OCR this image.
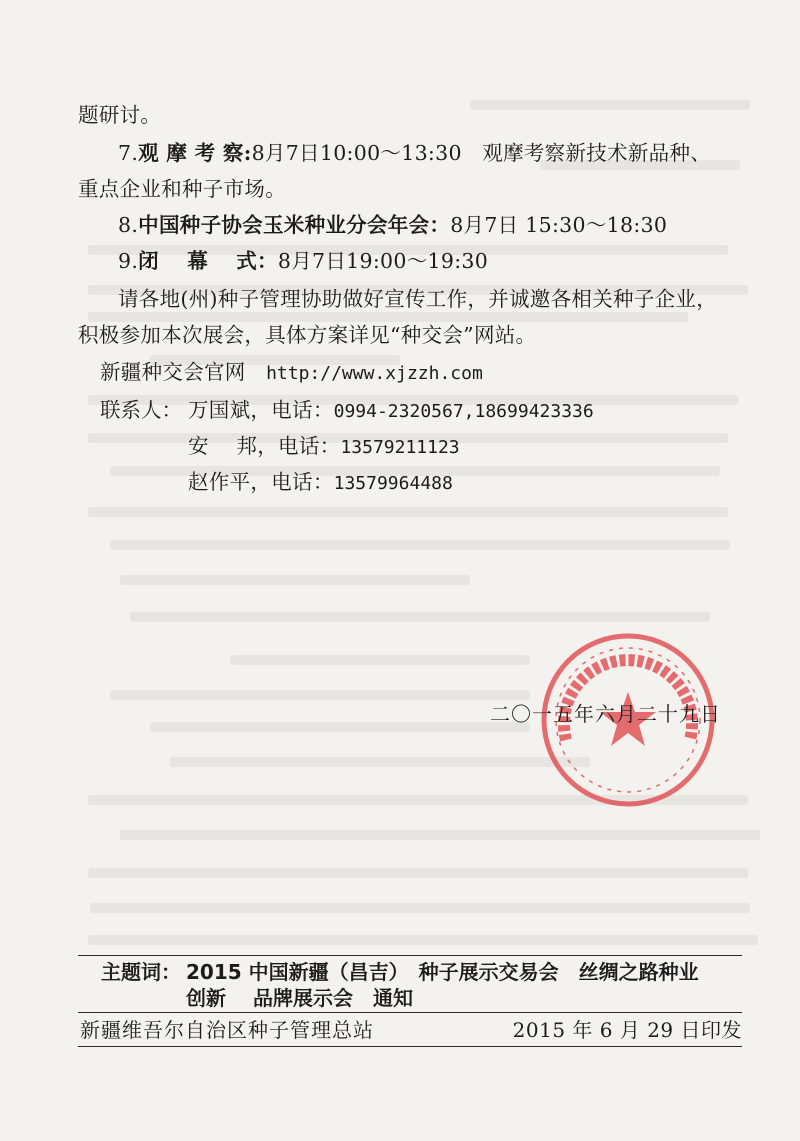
题研讨。
7.观 摩 考 察:8月7日10:00～13:30 观摩考察新技术新品种、
重点企业和种子市场。
8.中国种子协会玉米种业分会年会：8月7日 15:30～18:30
9.闭　 幕　 式：8月7日19:00～19:30
请各地(州)种子管理协助做好宣传工作，并诚邀各相关种子企业，
积极参加本次展会，具体方案详见“种交会”网站。
新疆种交会官网 http://www.xjzzh.com
联系人： 万国斌，电话：0994-2320567,18699423336
安　 邦，电话：13579211123
赵作平，电话：13579964488
二〇一五年六月二十九日
主题词： 2015 中国新疆（昌吉）　种子展示交易会　丝绸之路种业
创新　 品牌展示会　通知
新疆维吾尔自治区种子管理总站	2015 年 6 月 29 日印发
